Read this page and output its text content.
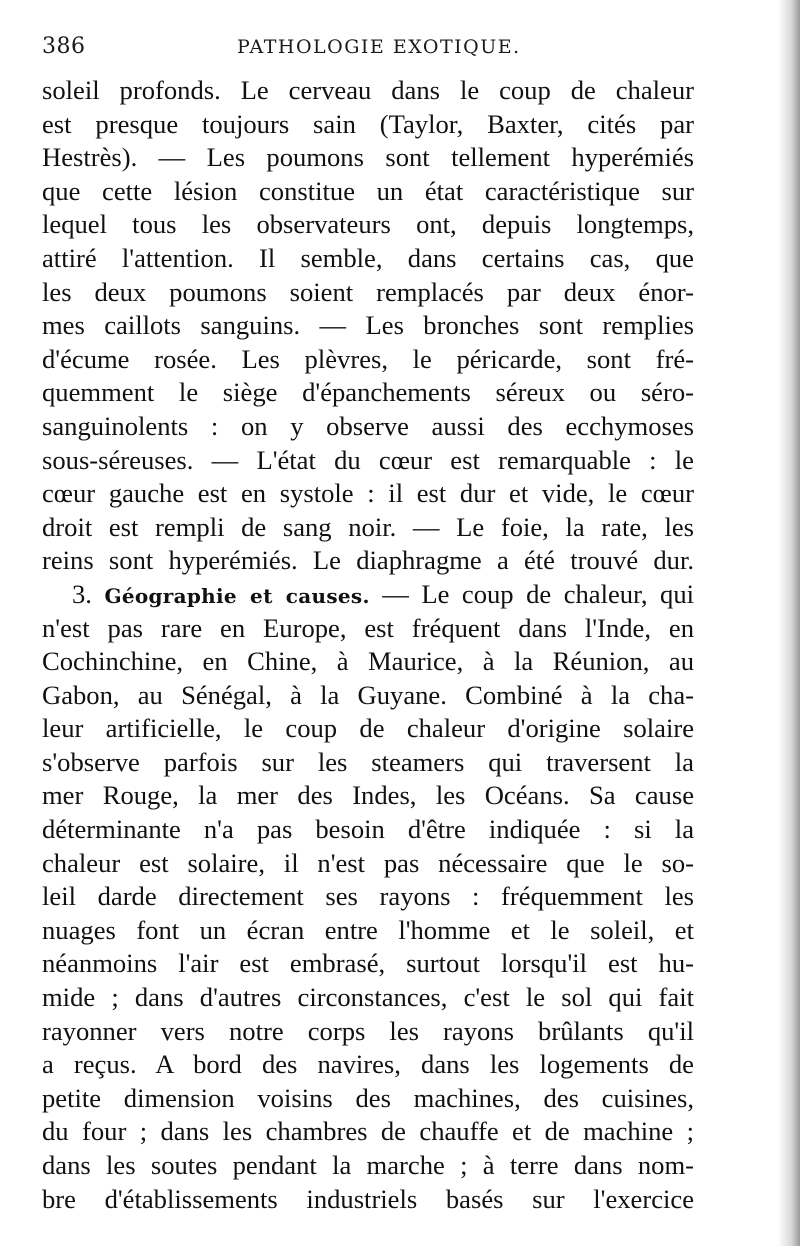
386	PATHOLOGIE EXOTIQUE.
soleil profonds. Le cerveau dans le coup de chaleur
est presque toujours sain (Taylor, Baxter, cités par
Hestrès). — Les poumons sont tellement hyperémiés
que cette lésion constitue un état caractéristique sur
lequel tous les observateurs ont, depuis longtemps,
attiré l'attention. Il semble, dans certains cas, que
les deux poumons soient remplacés par deux énor-
mes caillots sanguins. — Les bronches sont remplies
d'écume rosée. Les plèvres, le péricarde, sont fré-
quemment le siège d'épanchements séreux ou séro-
sanguinolents : on y observe aussi des ecchymoses
sous-séreuses. — L'état du cœur est remarquable : le
cœur gauche est en systole : il est dur et vide, le cœur
droit est rempli de sang noir. — Le foie, la rate, les
reins sont hyperémiés. Le diaphragme a été trouvé dur.
3. Géographie et causes. — Le coup de chaleur, qui
n'est pas rare en Europe, est fréquent dans l'Inde, en
Cochinchine, en Chine, à Maurice, à la Réunion, au
Gabon, au Sénégal, à la Guyane. Combiné à la cha-
leur artificielle, le coup de chaleur d'origine solaire
s'observe parfois sur les steamers qui traversent la
mer Rouge, la mer des Indes, les Océans. Sa cause
déterminante n'a pas besoin d'être indiquée : si la
chaleur est solaire, il n'est pas nécessaire que le so-
leil darde directement ses rayons : fréquemment les
nuages font un écran entre l'homme et le soleil, et
néanmoins l'air est embrasé, surtout lorsqu'il est hu-
mide ; dans d'autres circonstances, c'est le sol qui fait
rayonner vers notre corps les rayons brûlants qu'il
a reçus. A bord des navires, dans les logements de
petite dimension voisins des machines, des cuisines,
du four ; dans les chambres de chauffe et de machine ;
dans les soutes pendant la marche ; à terre dans nom-
bre d'établissements industriels basés sur l'exercice
